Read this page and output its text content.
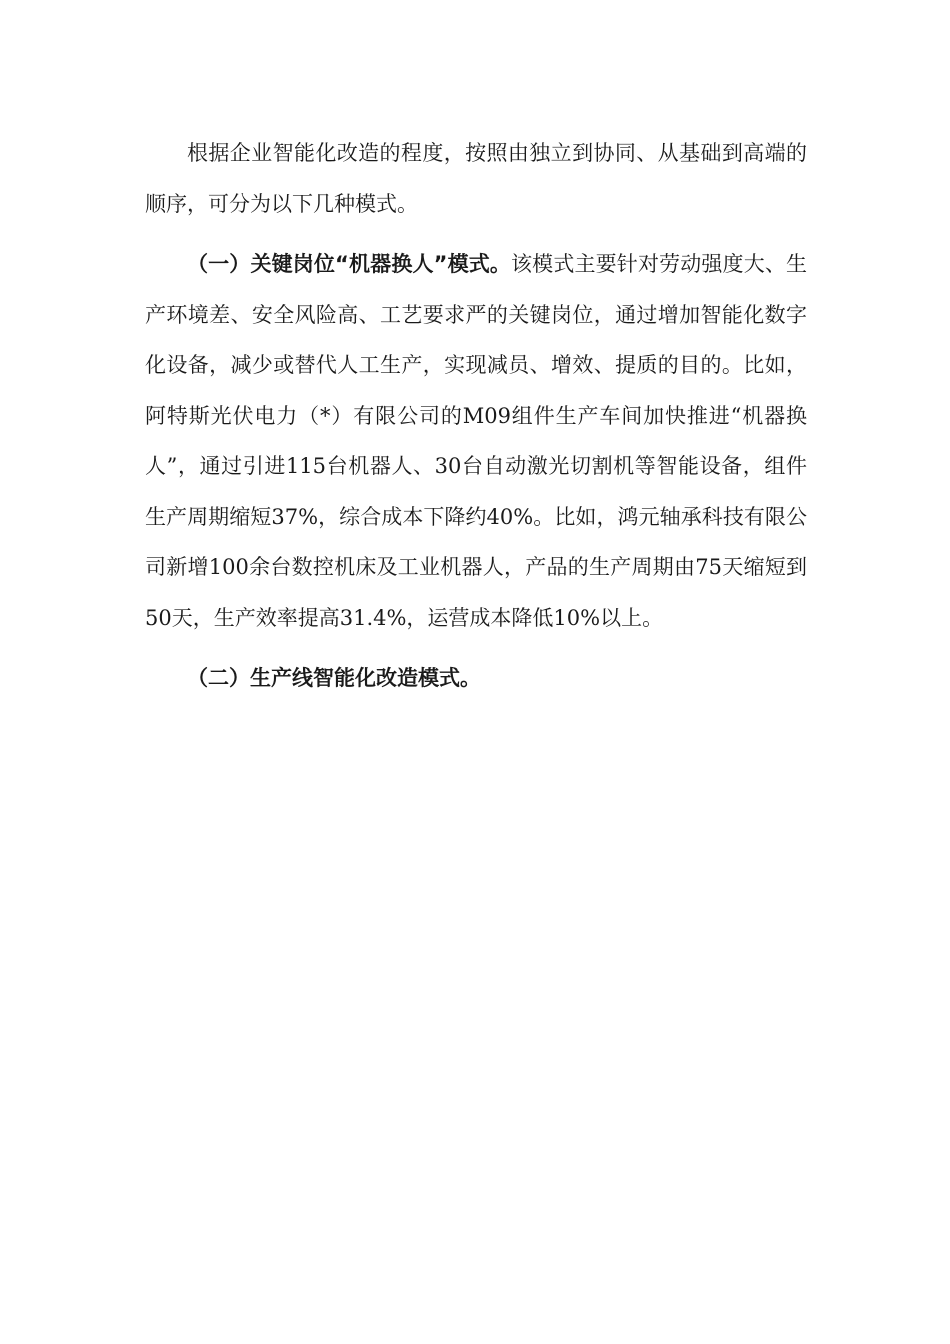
根据企业智能化改造的程度，按照由独立到协同、从基础到高端的顺序，可分为以下几种模式。

（一）关键岗位“机器换人”模式。该模式主要针对劳动强度大、生产环境差、安全风险高、工艺要求严的关键岗位，通过增加智能化数字化设备，减少或替代人工生产，实现减员、增效、提质的目的。比如，阿特斯光伏电力（*）有限公司的M09组件生产车间加快推进“机器换人”，通过引进115台机器人、30台自动激光切割机等智能设备，组件生产周期缩短37%，综合成本下降约40%。比如，鸿元轴承科技有限公司新增100余台数控机床及工业机器人，产品的生产周期由75天缩短到50天，生产效率提高31.4%，运营成本降低10%以上。

（二）生产线智能化改造模式。
